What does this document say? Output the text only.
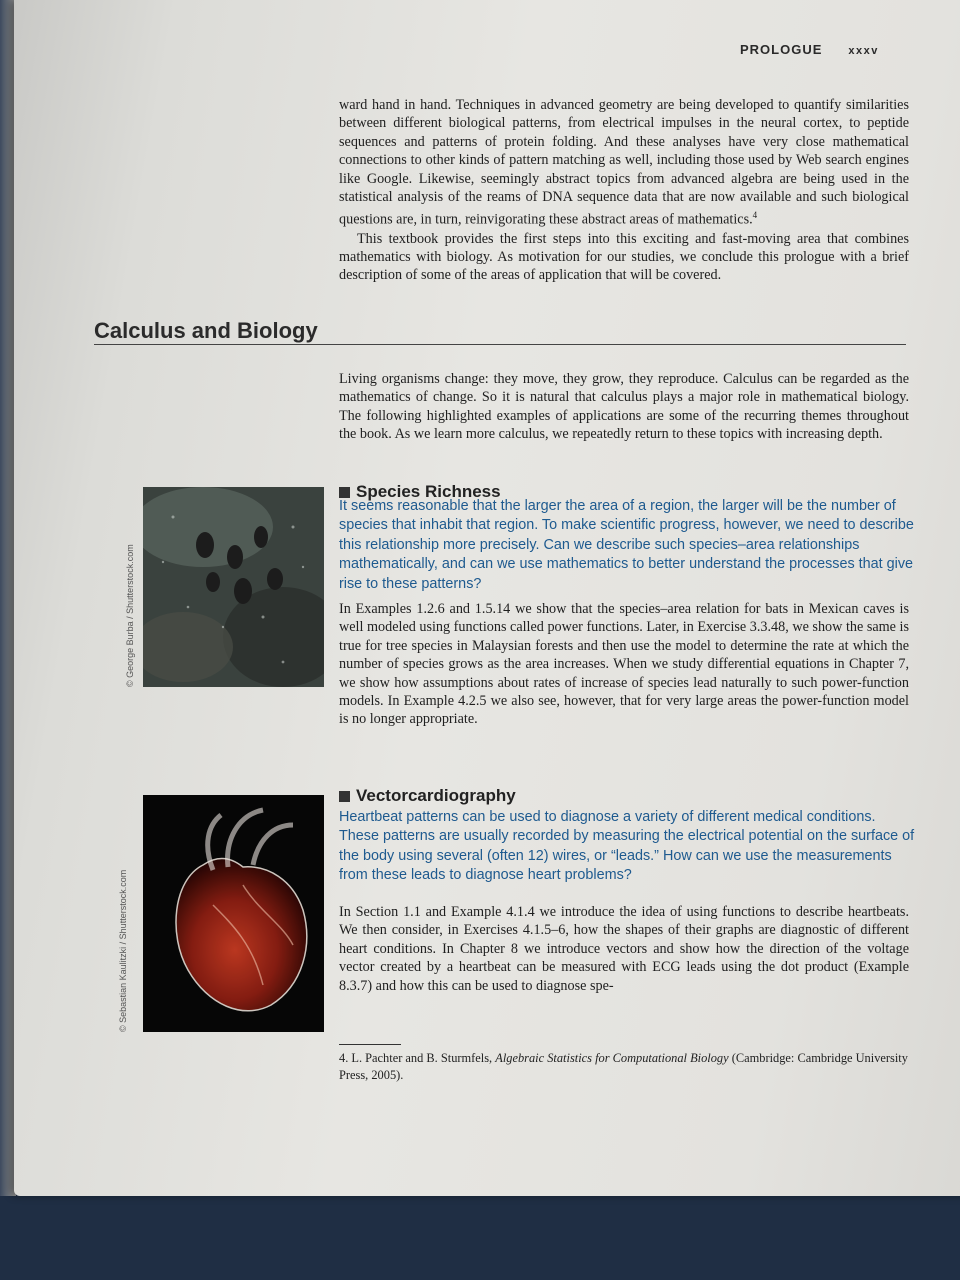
PROLOGUE xxxv

ward hand in hand. Techniques in advanced geometry are being developed to quantify similarities between different biological patterns, from electrical impulses in the neural cortex, to peptide sequences and patterns of protein folding. And these analyses have very close mathematical connections to other kinds of pattern matching as well, including those used by Web search engines like Google. Likewise, seemingly abstract topics from advanced algebra are being used in the statistical analysis of the reams of DNA sequence data that are now available and such biological questions are, in turn, reinvigorating these abstract areas of mathematics.$^4$

This textbook provides the first steps into this exciting and fast-moving area that combines mathematics with biology. As motivation for our studies, we conclude this prologue with a brief description of some of the areas of application that will be covered.

Calculus and Biology

Living organisms change: they move, they grow, they reproduce. Calculus can be regarded as the mathematics of change. So it is natural that calculus plays a major role in mathematical biology. The following highlighted examples of applications are some of the recurring themes throughout the book. As we learn more calculus, we repeatedly return to these topics with increasing depth.

© George Burba / Shutterstock.com
Species Richness

It seems reasonable that the larger the area of a region, the larger will be the number of species that inhabit that region. To make scientific progress, however, we need to describe this relationship more precisely. Can we describe such species–area relationships mathematically, and can we use mathematics to better understand the processes that give rise to these patterns?

In Examples 1.2.6 and 1.5.14 we show that the species–area relation for bats in Mexican caves is well modeled using functions called power functions. Later, in Exercise 3.3.48, we show the same is true for tree species in Malaysian forests and then use the model to determine the rate at which the number of species grows as the area increases. When we study differential equations in Chapter 7, we show how assumptions about rates of increase of species lead naturally to such power-function models. In Example 4.2.5 we also see, however, that for very large areas the power-function model is no longer appropriate.

© Sebastian Kaulitzki / Shutterstock.com
Vectorcardiography

Heartbeat patterns can be used to diagnose a variety of different medical conditions. These patterns are usually recorded by measuring the electrical potential on the surface of the body using several (often 12) wires, or “leads.” How can we use the measurements from these leads to diagnose heart problems?

In Section 1.1 and Example 4.1.4 we introduce the idea of using functions to describe heartbeats. We then consider, in Exercises 4.1.5–6, how the shapes of their graphs are diagnostic of different heart conditions. In Chapter 8 we introduce vectors and show how the direction of the voltage vector created by a heartbeat can be measured with ECG leads using the dot product (Example 8.3.7) and how this can be used to diagnose spe-

4. L. Pachter and B. Sturmfels, Algebraic Statistics for Computational Biology (Cambridge: Cambridge University Press, 2005).
